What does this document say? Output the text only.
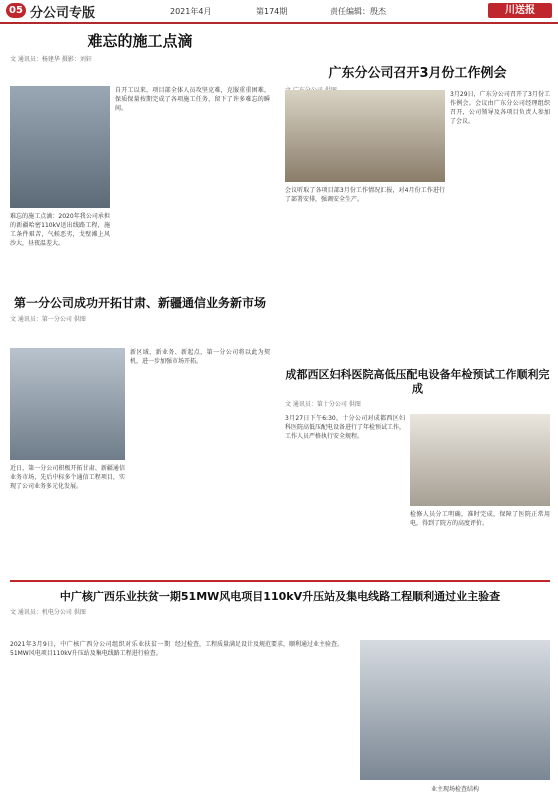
05 分公司专版	2021年4月	第174期	责任编辑：殷杰	川送报
难忘的施工点滴
文 通讯员：杨建华 摄影：刘轩
难忘的施工点滴：2020年我公司承担的新疆哈密110kV送出线路工程，施工条件艰苦，气候恶劣，戈壁滩上风沙大，昼夜温差大。
自开工以来，项目部全体人员攻坚克难，克服重重困难，保质保量按期完成了各项施工任务，留下了许多难忘的瞬间。
广东分公司召开3月份工作例会
3月29日，广东分公司召开了3月份工作例会。会议由广东分公司经理组织召开，公司领导及各项目负责人参加了会议。
会议听取了各项目部3月份工作情况汇报，对4月份工作进行了部署安排，强调安全生产。
第一分公司成功开拓甘肃、新疆通信业务新市场
文 通讯员：第一分公司 供图
近日，第一分公司积极开拓甘肃、新疆通信业务市场，先后中标多个通信工程项目，实现了公司业务多元化发展。
新区域、新业务、新起点，第一分公司将以此为契机，进一步加强市场开拓。
成都西区妇科医院高低压配电设备年检预试工作顺利完成
文 通讯员：第十分公司 供图
3月27日下午6:30，十分公司对成都西区妇科医院高低压配电设备进行了年检预试工作，工作人员严格执行安全规程。
检修人员分工明确，准时完成，保障了医院正常用电，得到了院方的高度评价。
中广核广西乐业扶贫一期51MW风电项目110kV升压站及集电线路工程顺利通过业主验查
文 通讯员：机电分公司 供图
2021年3月9日，中广核广西分公司组织对乐业扶贫一期51MW风电项目110kV升压站及集电线路工程进行验查。
经过检查，工程质量满足设计及规范要求，顺利通过业主验查。
业主现场检查结构
